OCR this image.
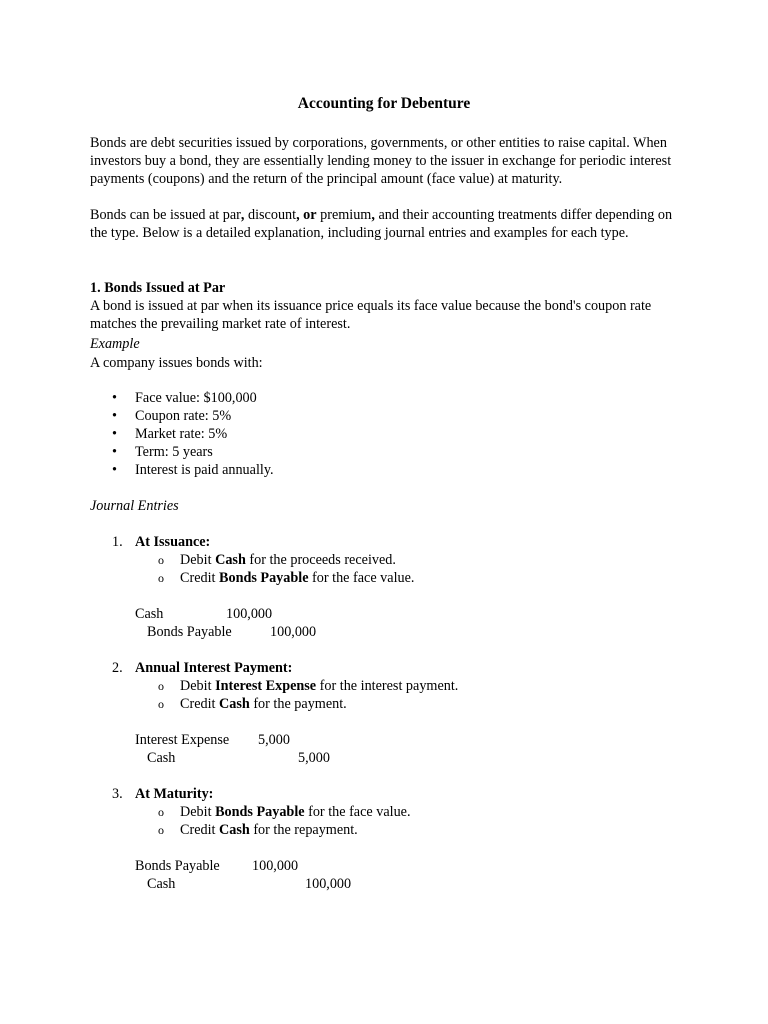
Accounting for Debenture

Bonds are debt securities issued by corporations, governments, or other entities to raise capital. When investors buy a bond, they are essentially lending money to the issuer in exchange for periodic interest payments (coupons) and the return of the principal amount (face value) at maturity.

Bonds can be issued at par, discount, or premium, and their accounting treatments differ depending on the type. Below is a detailed explanation, including journal entries and examples for each type.

1. Bonds Issued at Par

A bond is issued at par when its issuance price equals its face value because the bond's coupon rate matches the prevailing market rate of interest.

Example

A company issues bonds with:

• Face value: $100,000
• Coupon rate: 5%
• Market rate: 5%
• Term: 5 years
• Interest is paid annually.

Journal Entries

1. At Issuance:
o Debit Cash for the proceeds received.
o Credit Bonds Payable for the face value.
Cash	100,000
Bonds Payable	100,000
2. Annual Interest Payment:
o Debit Interest Expense for the interest payment.
o Credit Cash for the payment.
Interest Expense 5,000
Cash	5,000
3. At Maturity:
o Debit Bonds Payable for the face value.
o Credit Cash for the repayment.
Bonds Payable 100,000
Cash	100,000
